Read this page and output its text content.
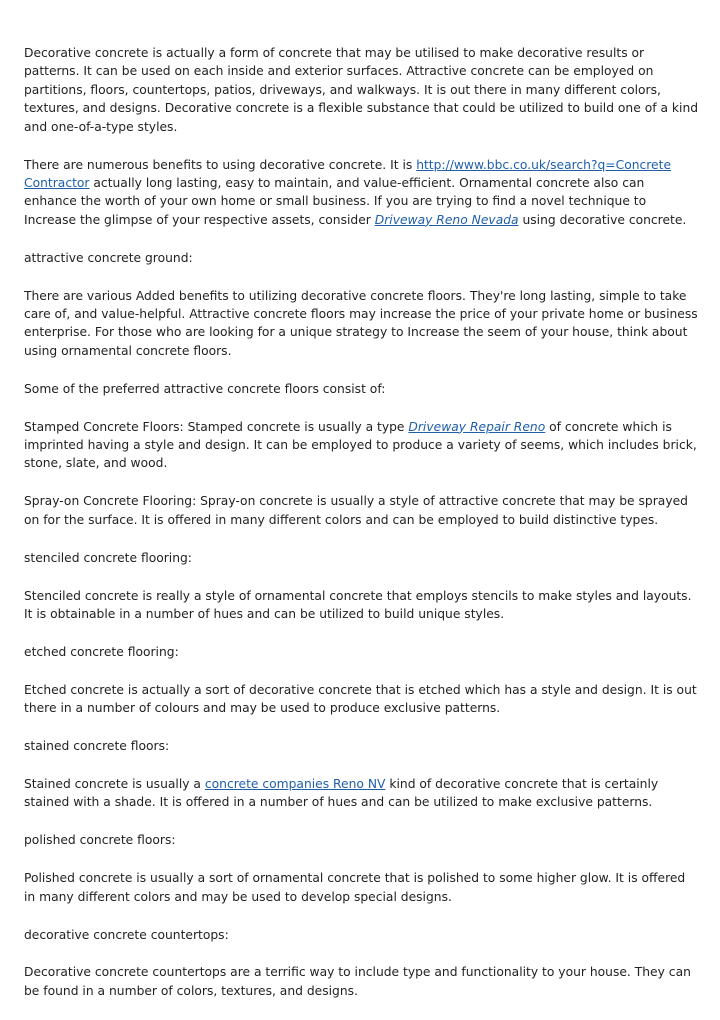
Decorative concrete is actually a form of concrete that may be utilised to make decorative results or patterns. It can be used on each inside and exterior surfaces. Attractive concrete can be employed on partitions, floors, countertops, patios, driveways, and walkways. It is out there in many different colors, textures, and designs. Decorative concrete is a flexible substance that could be utilized to build one of a kind and one-of-a-type styles.

There are numerous benefits to using decorative concrete. It is http://www.bbc.co.uk/search?q=Concrete Contractor actually long lasting, easy to maintain, and value-efficient. Ornamental concrete also can enhance the worth of your own home or small business. If you are trying to find a novel technique to Increase the glimpse of your respective assets, consider Driveway Reno Nevada using decorative concrete.

attractive concrete ground:

There are various Added benefits to utilizing decorative concrete floors. They're long lasting, simple to take care of, and value-helpful. Attractive concrete floors may increase the price of your private home or business enterprise. For those who are looking for a unique strategy to Increase the seem of your house, think about using ornamental concrete floors.

Some of the preferred attractive concrete floors consist of:

Stamped Concrete Floors: Stamped concrete is usually a type Driveway Repair Reno of concrete which is imprinted having a style and design. It can be employed to produce a variety of seems, which includes brick, stone, slate, and wood.

Spray-on Concrete Flooring: Spray-on concrete is usually a style of attractive concrete that may be sprayed on for the surface. It is offered in many different colors and can be employed to build distinctive types.

stenciled concrete flooring:

Stenciled concrete is really a style of ornamental concrete that employs stencils to make styles and layouts. It is obtainable in a number of hues and can be utilized to build unique styles.

etched concrete flooring:

Etched concrete is actually a sort of decorative concrete that is etched which has a style and design. It is out there in a number of colours and may be used to produce exclusive patterns.

stained concrete floors:

Stained concrete is usually a concrete companies Reno NV kind of decorative concrete that is certainly stained with a shade. It is offered in a number of hues and can be utilized to make exclusive patterns.

polished concrete floors:

Polished concrete is usually a sort of ornamental concrete that is polished to some higher glow. It is offered in many different colors and may be used to develop special designs.

decorative concrete countertops:

Decorative concrete countertops are a terrific way to include type and functionality to your house. They can be found in a number of colors, textures, and designs.
